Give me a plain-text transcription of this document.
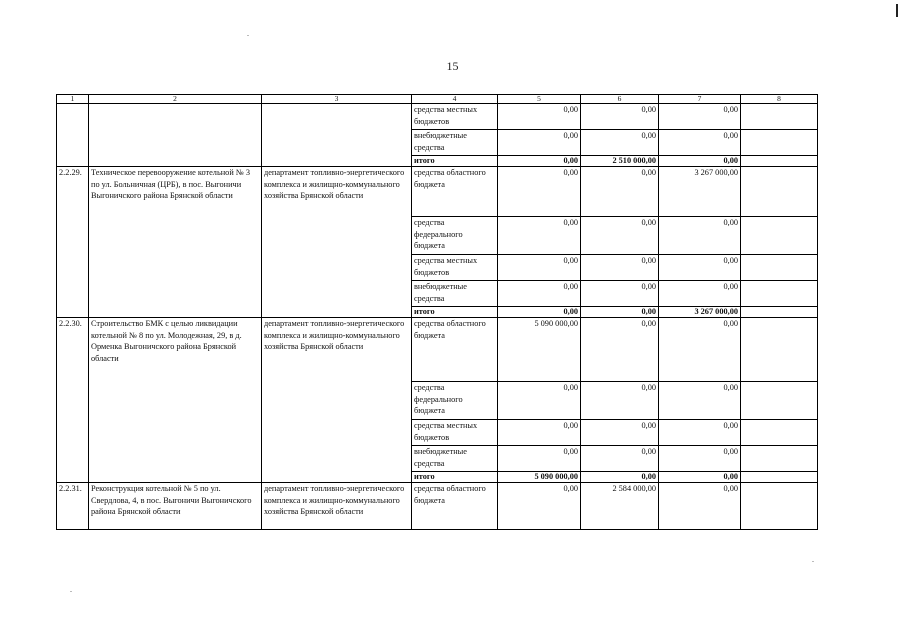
15
1	2	3	4	5	6	7	8
			средства местных бюджетов	0,00	0,00	0,00	
			внебюджетные средства	0,00	0,00	0,00	
			итого	0,00	2 510 000,00	0,00	
2.2.29.	Техническое перевооружение котельной № 3 по ул. Больничная (ЦРБ), в пос. Выгоничи Выгоничского района Брянской области	департамент топливно-энергетического комплекса и жилищно-коммунального хозяйства Брянской области	средства областного бюджета	0,00	0,00	3 267 000,00	
			средства федерального бюджета	0,00	0,00	0,00	
			средства местных бюджетов	0,00	0,00	0,00	
			внебюджетные средства	0,00	0,00	0,00	
			итого	0,00	0,00	3 267 000,00	
2.2.30.	Строительство БМК с целью ликвидации котельной № 8 по ул. Молодежная, 29, в д. Орменка Выгоничского района Брянской области	департамент топливно-энергетического комплекса и жилищно-коммунального хозяйства Брянской области	средства областного бюджета	5 090 000,00	0,00	0,00	
			средства федерального бюджета	0,00	0,00	0,00	
			средства местных бюджетов	0,00	0,00	0,00	
			внебюджетные средства	0,00	0,00	0,00	
			итого	5 090 000,00	0,00	0,00	
2.2.31.	Реконструкция котельной № 5 по ул. Свердлова, 4, в пос. Выгоничи Выгоничского района Брянской области	департамент топливно-энергетического комплекса и жилищно-коммунального хозяйства Брянской области	средства областного бюджета	0,00	2 584 000,00	0,00	
